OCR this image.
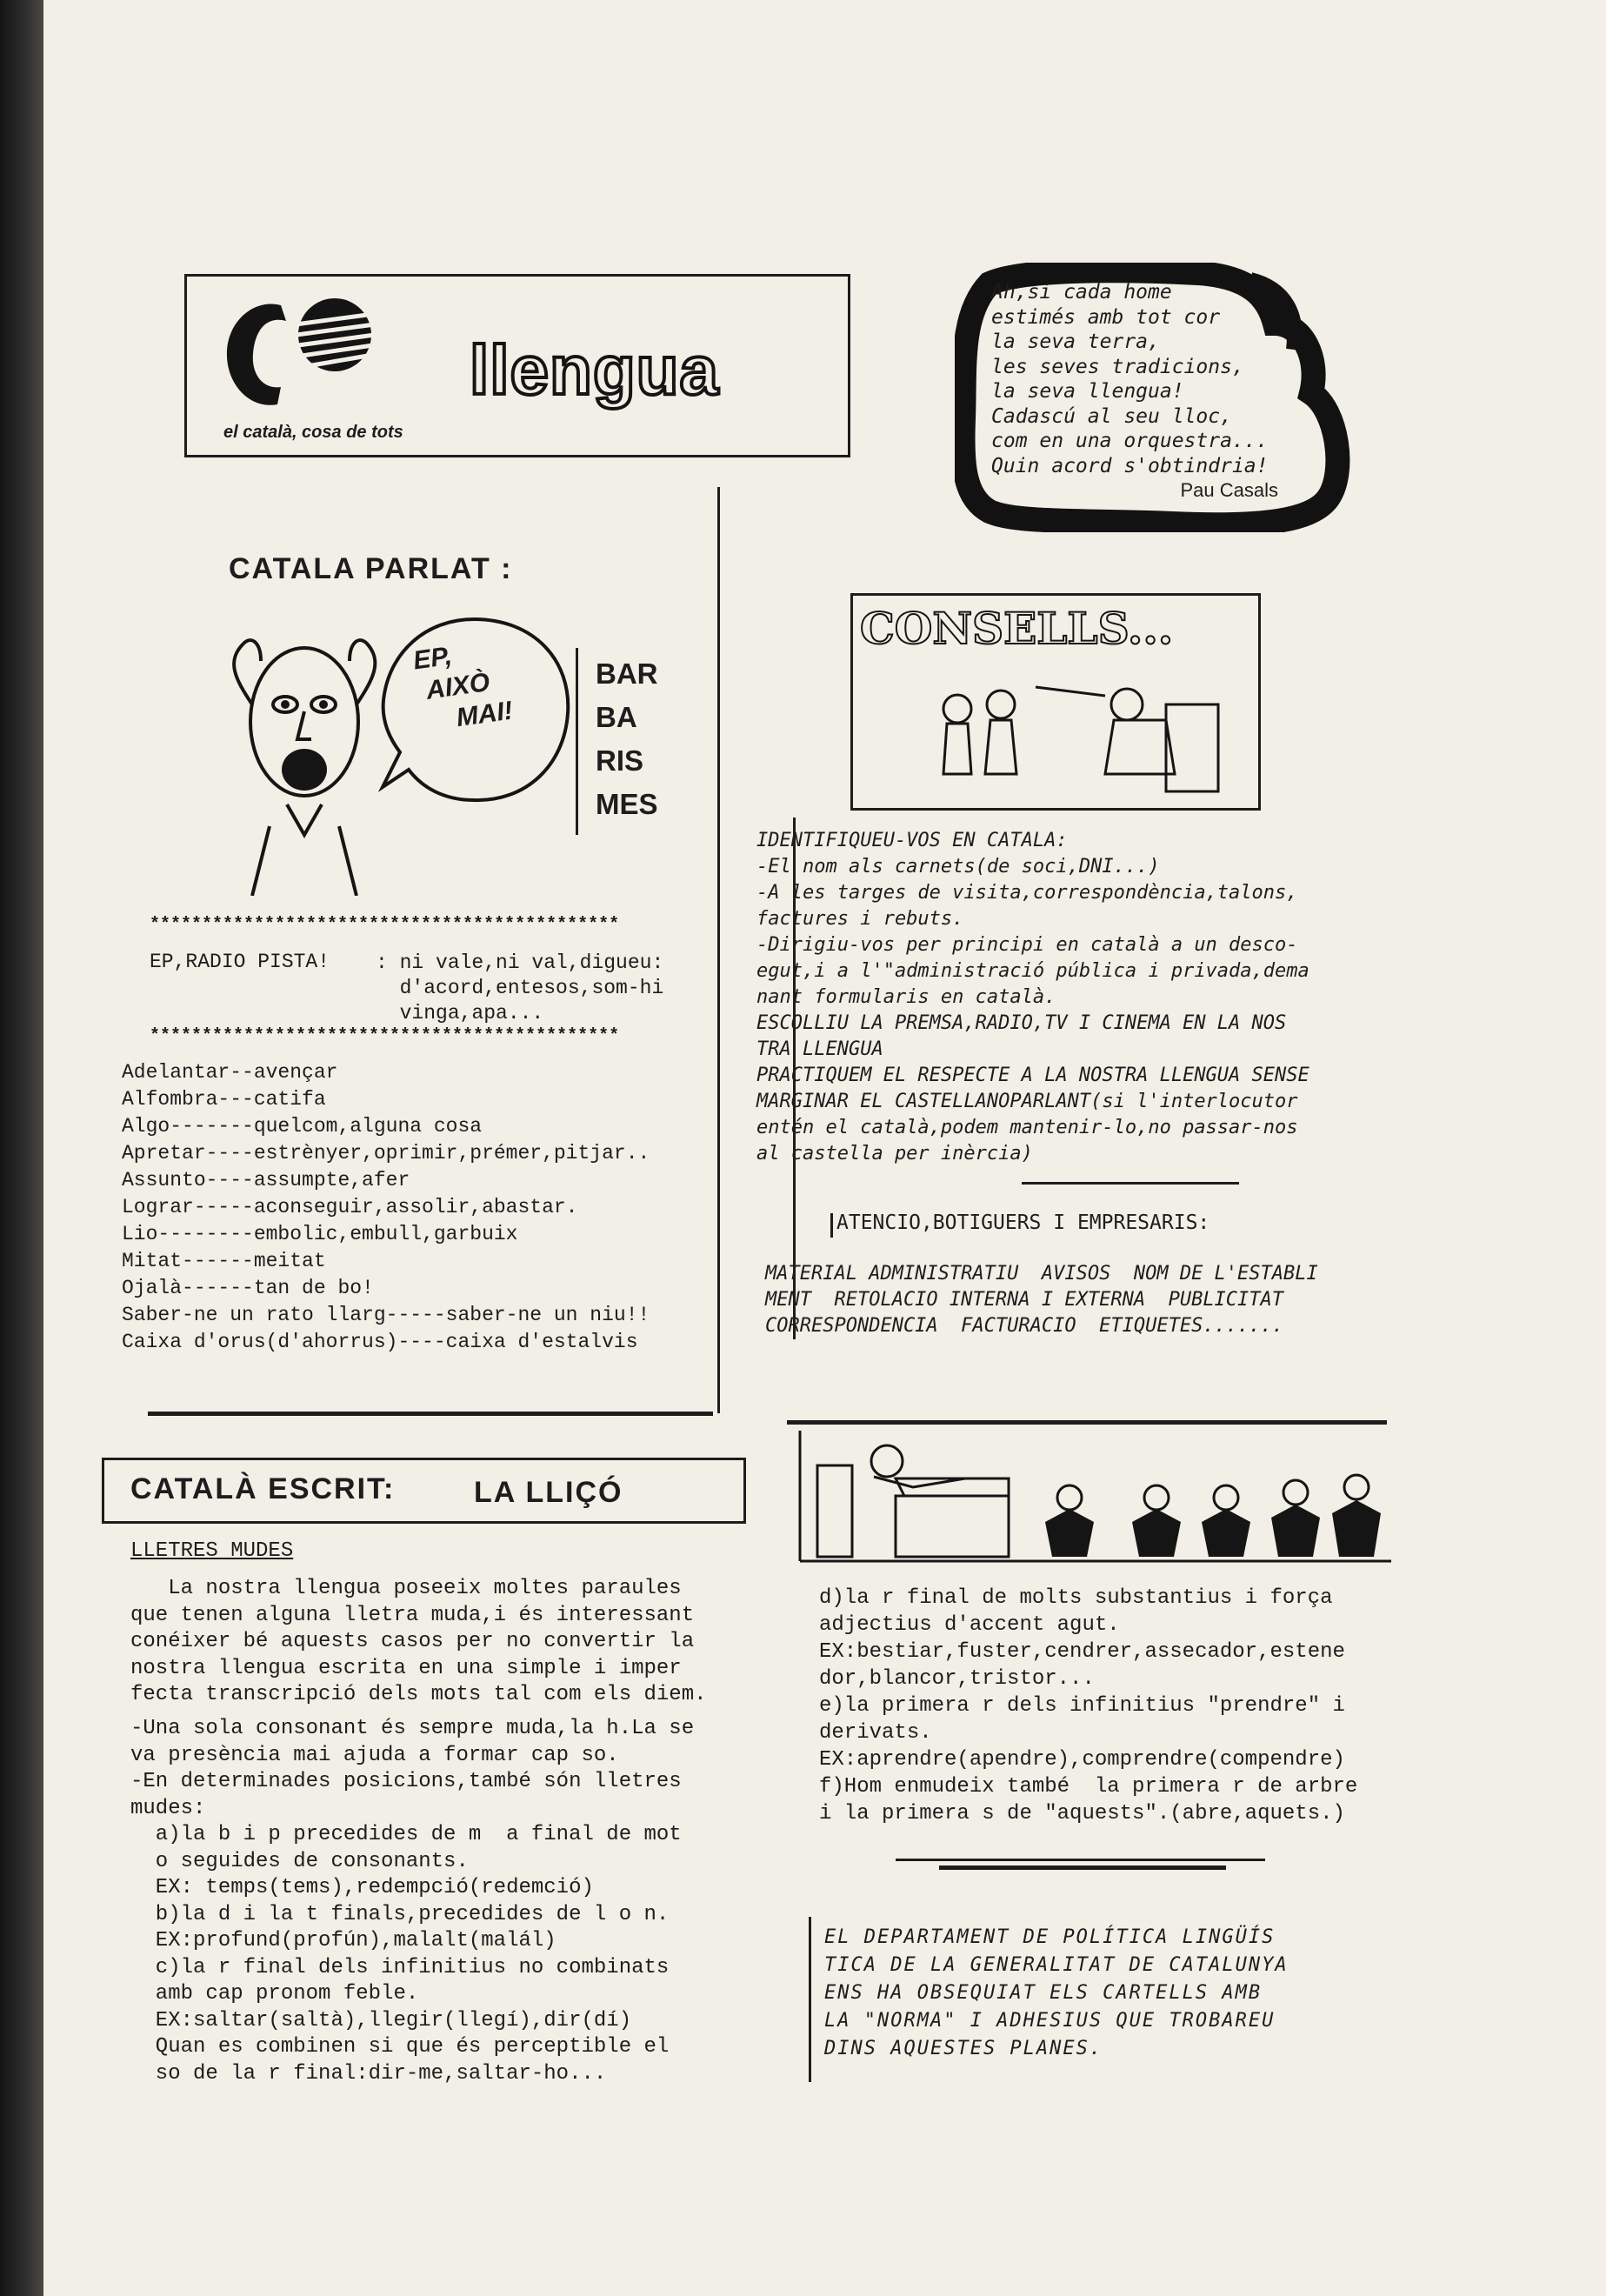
el català, cosa de tots
llengua
Ah,si cada home
estimés amb tot cor
la seva terra,
les seves tradicions,
la seva llengua!
Cadascú al seu lloc,
com en una orquestra...
Quin acord s'obtindria!
Pau Casals
CATALA PARLAT :
EP,
AIXÒ
MAI!
BAR
BA
RIS
MES
*********************************************
EP,RADIO PISTA! : ni vale,ni val,digueu:
d'acord,entesos,som-hi
vinga,apa...
*********************************************
Adelantar--avençar
Alfombra---catifa
Algo-------quelcom,alguna cosa
Apretar----estrènyer,oprimir,prémer,pitjar..
Assunto----assumpte,afer
Lograr-----aconseguir,assolir,abastar.
Lio--------embolic,embull,garbuix
Mitat------meitat
Ojalà------tan de bo!
Saber-ne un rato llarg-----saber-ne un niu!!
Caixa d'orus(d'ahorrus)----caixa d'estalvis
CONSELLS...
IDENTIFIQUEU-VOS EN CATALA:
-El nom als carnets(de soci,DNI...)
-A les targes de visita,correspondència,talons,
factures i rebuts.
-Dirigiu-vos per principi en català a un desco-
egut,i a l'"administració pública i privada,dema
nant formularis en català.
ESCOLLIU LA PREMSA,RADIO,TV I CINEMA EN LA NOS
TRA LLENGUA
PRACTIQUEM EL RESPECTE A LA NOSTRA LLENGUA SENSE
MARGINAR EL CASTELLANOPARLANT(si l'interlocutor
entén el català,podem mantenir-lo,no passar-nos
al castella per inèrcia)
ATENCIO,BOTIGUERS I EMPRESARIS:
MATERIAL ADMINISTRATIU  AVISOS  NOM DE L'ESTABLI
MENT  RETOLACIO INTERNA I EXTERNA  PUBLICITAT
CORRESPONDENCIA  FACTURACIO  ETIQUETES.......
CATALÀ ESCRIT:	LA LLIÇÓ
LLETRES MUDES
La nostra llengua poseeix moltes paraules
que tenen alguna lletra muda,i és interessant
conéixer bé aquests casos per no convertir la
nostra llengua escrita en una simple i imper
fecta transcripció dels mots tal com els diem.
-Una sola consonant és sempre muda,la h.La se
va presència mai ajuda a formar cap so.
-En determinades posicions,també són lletres
mudes:
a)la b i p precedides de m  a final de mot
o seguides de consonants.
EX: temps(tems),redempció(redemció)
b)la d i la t finals,precedides de l o n.
EX:profund(profún),malalt(malál)
c)la r final dels infinitius no combinats
amb cap pronom feble.
EX:saltar(saltà),llegir(llegí),dir(dí)
Quan es combinen si que és perceptible el
so de la r final:dir-me,saltar-ho...
d)la r final de molts substantius i força
adjectius d'accent agut.
EX:bestiar,fuster,cendrer,assecador,estene
dor,blancor,tristor...
e)la primera r dels infinitius "prendre" i
derivats.
EX:aprendre(apendre),comprendre(compendre)
f)Hom enmudeix també  la primera r de arbre
i la primera s de "aquests".(abre,aquets.)
EL DEPARTAMENT DE POLÍTICA LINGÜÍS
TICA DE LA GENERALITAT DE CATALUNYA
ENS HA OBSEQUIAT ELS CARTELLS AMB
LA "NORMA" I ADHESIUS QUE TROBAREU
DINS AQUESTES PLANES.
